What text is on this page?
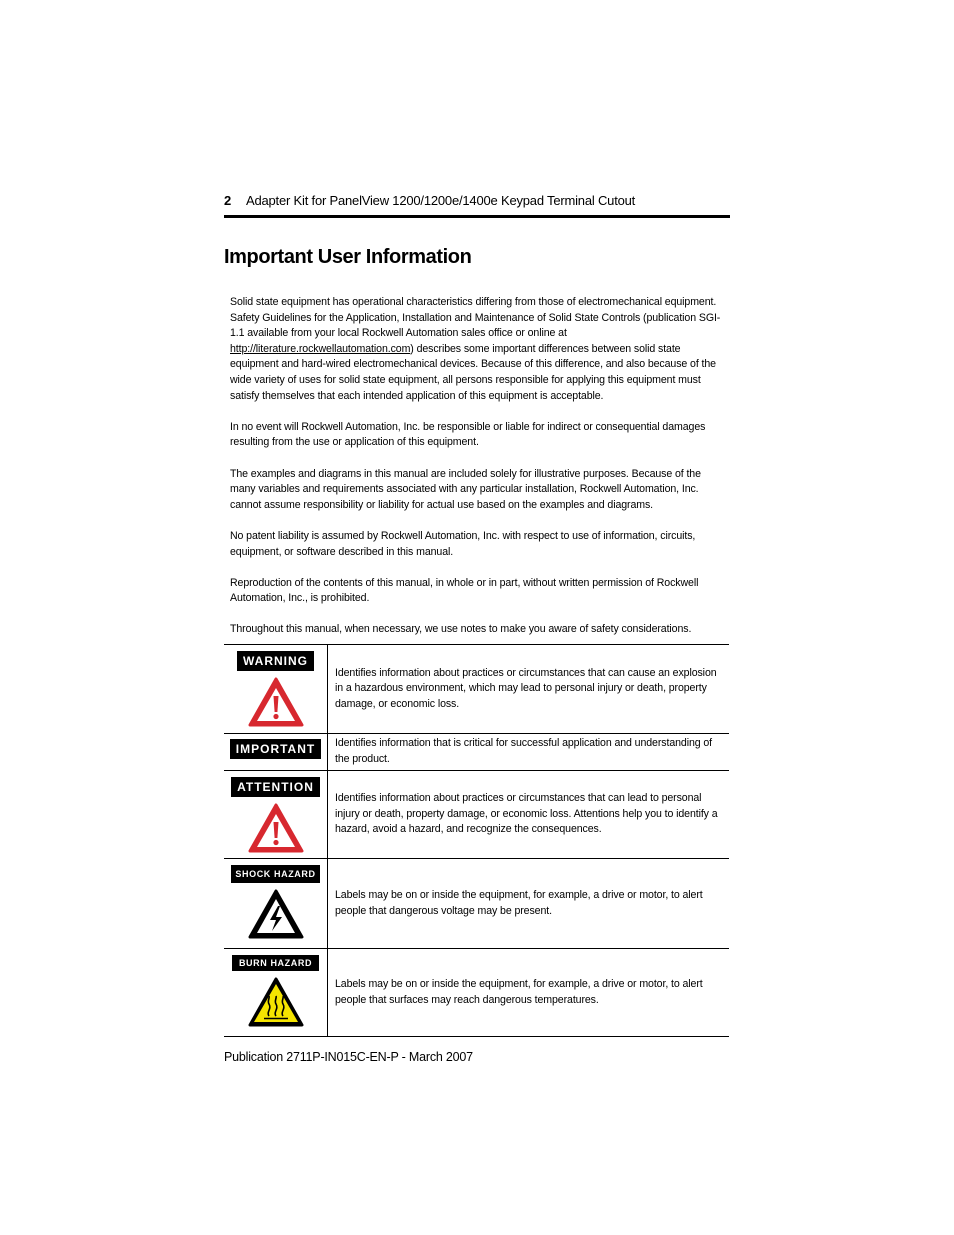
2 Adapter Kit for PanelView 1200/1200e/1400e Keypad Terminal Cutout
Important User Information

Solid state equipment has operational characteristics differing from those of electromechanical equipment. Safety Guidelines for the Application, Installation and Maintenance of Solid State Controls (publication SGI-1.1 available from your local Rockwell Automation sales office or online at http://literature.rockwellautomation.com) describes some important differences between solid state equipment and hard-wired electromechanical devices. Because of this difference, and also because of the wide variety of uses for solid state equipment, all persons responsible for applying this equipment must satisfy themselves that each intended application of this equipment is acceptable.

In no event will Rockwell Automation, Inc. be responsible or liable for indirect or consequential damages resulting from the use or application of this equipment.

The examples and diagrams in this manual are included solely for illustrative purposes. Because of the many variables and requirements associated with any particular installation, Rockwell Automation, Inc. cannot assume responsibility or liability for actual use based on the examples and diagrams.

No patent liability is assumed by Rockwell Automation, Inc. with respect to use of information, circuits, equipment, or software described in this manual.

Reproduction of the contents of this manual, in whole or in part, without written permission of Rockwell Automation, Inc., is prohibited.

Throughout this manual, when necessary, we use notes to make you aware of safety considerations.

WARNING	Identifies information about practices or circumstances that can cause an explosion in a hazardous environment, which may lead to personal injury or death, property damage, or economic loss.
IMPORTANT	Identifies information that is critical for successful application and understanding of the product.
ATTENTION	Identifies information about practices or circumstances that can lead to personal injury or death, property damage, or economic loss. Attentions help you to identify a hazard, avoid a hazard, and recognize the consequences.
SHOCK HAZARD	Labels may be on or inside the equipment, for example, a drive or motor, to alert people that dangerous voltage may be present.
BURN HAZARD	Labels may be on or inside the equipment, for example, a drive or motor, to alert people that surfaces may reach dangerous temperatures.
Publication 2711P-IN015C-EN-P - March 2007
